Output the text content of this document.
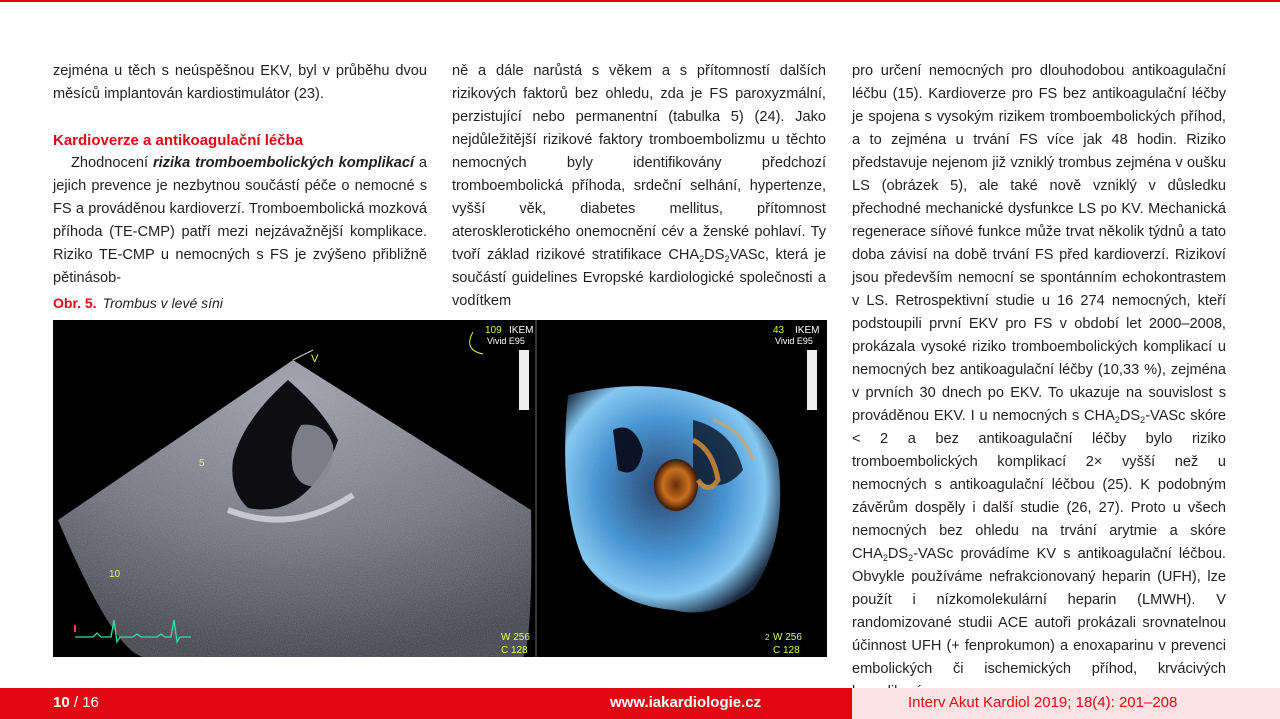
zejména u těch s neúspěšnou EKV, byl v průběhu dvou měsíců implantován kardiostimulátor (23).

Kardioverze a antikoagulační léčba

Zhodnocení rizika tromboembolických komplikací a jejich prevence je nezbytnou součástí péče o nemocné s FS a prováděnou kardioverzí. Tromboembolická mozková příhoda (TE-CMP) patří mezi nejzávažnější komplikace. Riziko TE-CMP u nemocných s FS je zvýšeno přibližně pětinásob-

ně a dále narůstá s věkem a s přítomností dalších rizikových faktorů bez ohledu, zda je FS paroxyzmální, perzistující nebo permanentní (tabulka 5) (24). Jako nejdůležitější rizikové faktory tromboembolizmu u těchto nemocných byly identifikovány předchozí tromboembolická příhoda, srdeční selhání, hypertenze, vyšší věk, diabetes mellitus, přítomnost aterosklerotického onemocnění cév a ženské pohlaví. Ty tvoří základ rizikové stratifikace $CHA_2DS_2VASc$, která je součástí guidelines Evropské kardiologické společnosti a vodítkem

pro určení nemocných pro dlouhodobou antikoagulační léčbu (15). Kardioverze pro FS bez antikoagulační léčby je spojena s vysokým rizikem tromboembolických příhod, a to zejména u trvání FS více jak 48 hodin. Riziko představuje nejenom již vzniklý trombus zejména v oušku LS (obrázek 5), ale také nově vzniklý v důsledku přechodné mechanické dysfunkce LS po KV. Mechanická regenerace síňové funkce může trvat několik týdnů a tato doba závisí na době trvání FS před kardioverzí. Rizikoví jsou především nemocní se spontánním echokontrastem v LS. Retrospektivní studie u 16 274 nemocných, kteří podstoupili první EKV pro FS v období let 2000–2008, prokázala vysoké riziko tromboembolických komplikací u nemocných bez antikoagulační léčby (10,33 %), zejména v prvních 30 dnech po EKV. To ukazuje na souvislost s prováděnou EKV. I u nemocných s $CHA_2DS_2$-VASc skóre < 2 a bez antikoagulační léčby bylo riziko tromboembolických komplikací 2× vyšší než u nemocných s antikoagulační léčbou (25). K podobným závěrům dospěly i další studie (26, 27). Proto u všech nemocných bez ohledu na trvání arytmie a skóre $CHA_2DS_2$-VASc provádíme KV s antikoagulační léčbou. Obvykle používáme nefrakcionovaný heparin (UFH), lze použít i nízkomolekulární heparin (LMWH). V randomizované studii ACE autoři prokázali srovnatelnou účinnost UFH (+ fenprokumon) a enoxaparinu v prevenci embolických či ischemických příhod, krvácivých

Obr. 5. Trombus v levé síni
V
5
10
W 256
C 128
109 IKEM
Vivid E95
43 IKEM
Vivid E95
W 256
C 128
2
10 / 16	www.iakardiologie.cz	Interv Akut Kardiol 2019; 18(4): 201–208
